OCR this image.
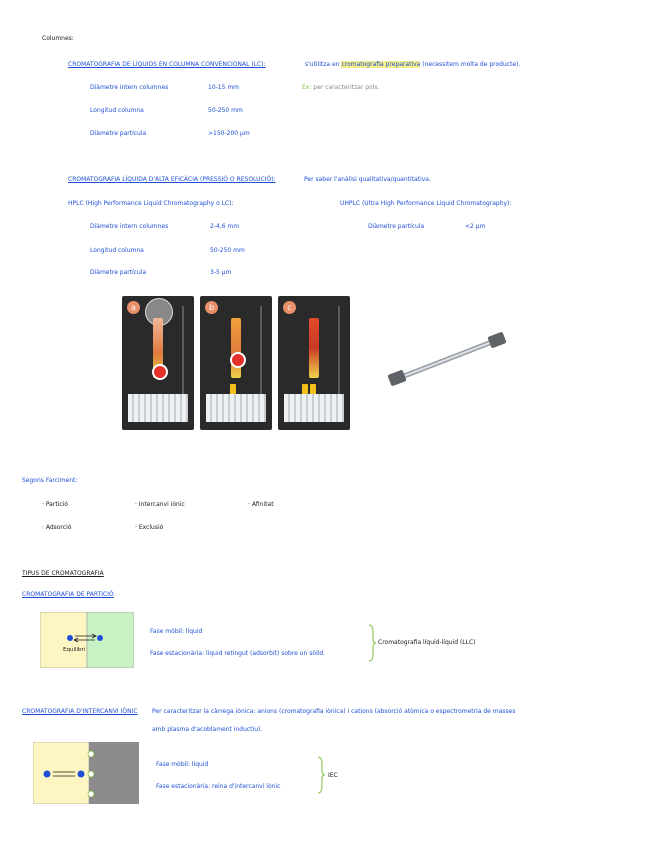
Columnes:
CROMATOGRAFIA DE LÍQUIDS EN COLUMNA CONVENCIONAL (LC):	s'utilitza en cromatografia preparativa (necessitem molta de producte).
Diàmetre intern columnes	10-15 mm	Ex: per caracteritzar pols.
Longitud columna	50-250 mm
Diàmetre partícula	>150-200 μm
CROMATOGRAFIA LÍQUIDA D'ALTA EFICÀCIA (PRESSIÓ O RESOLUCIÓ):	Per saber l'anàlisi qualitativa/quantitativa.
HPLC (High Performance Liquid Chromatography o LC):	UHPLC (Ultra High Performance Liquid Chromatography):
Diàmetre intern columnes	2-4,6 mm	Diàmetre partícula	<2 μm
Longitud columna	50-250 mm
Diàmetre partícula	3-5 μm
a	b	c
Segons Farciment:
· Partició	· Intercanvi iònic	· Afinitat
· Adsorció	· Exclusió
TIPUS DE CROMATOGRAFIA
CROMATOGRAFIA DE PARTICIÓ
Equilibri
Fase mòbil: líquid
Fase estacionària: líquid retingut (adsorbit) sobre un sòlid.
Cromatografia líquid-líquid (LLC)
CROMATOGRAFIA D'INTERCANVI IÒNIC Per caracteritzar la càrrega iònica: anions (cromatografia iònica) i cations (absorció atòmica o espectrometria de masses
amb plasma d'acoblament inductiu).
Fase mòbil: líquid
Fase estacionària: reina d'intercanvi iònic
IEC
